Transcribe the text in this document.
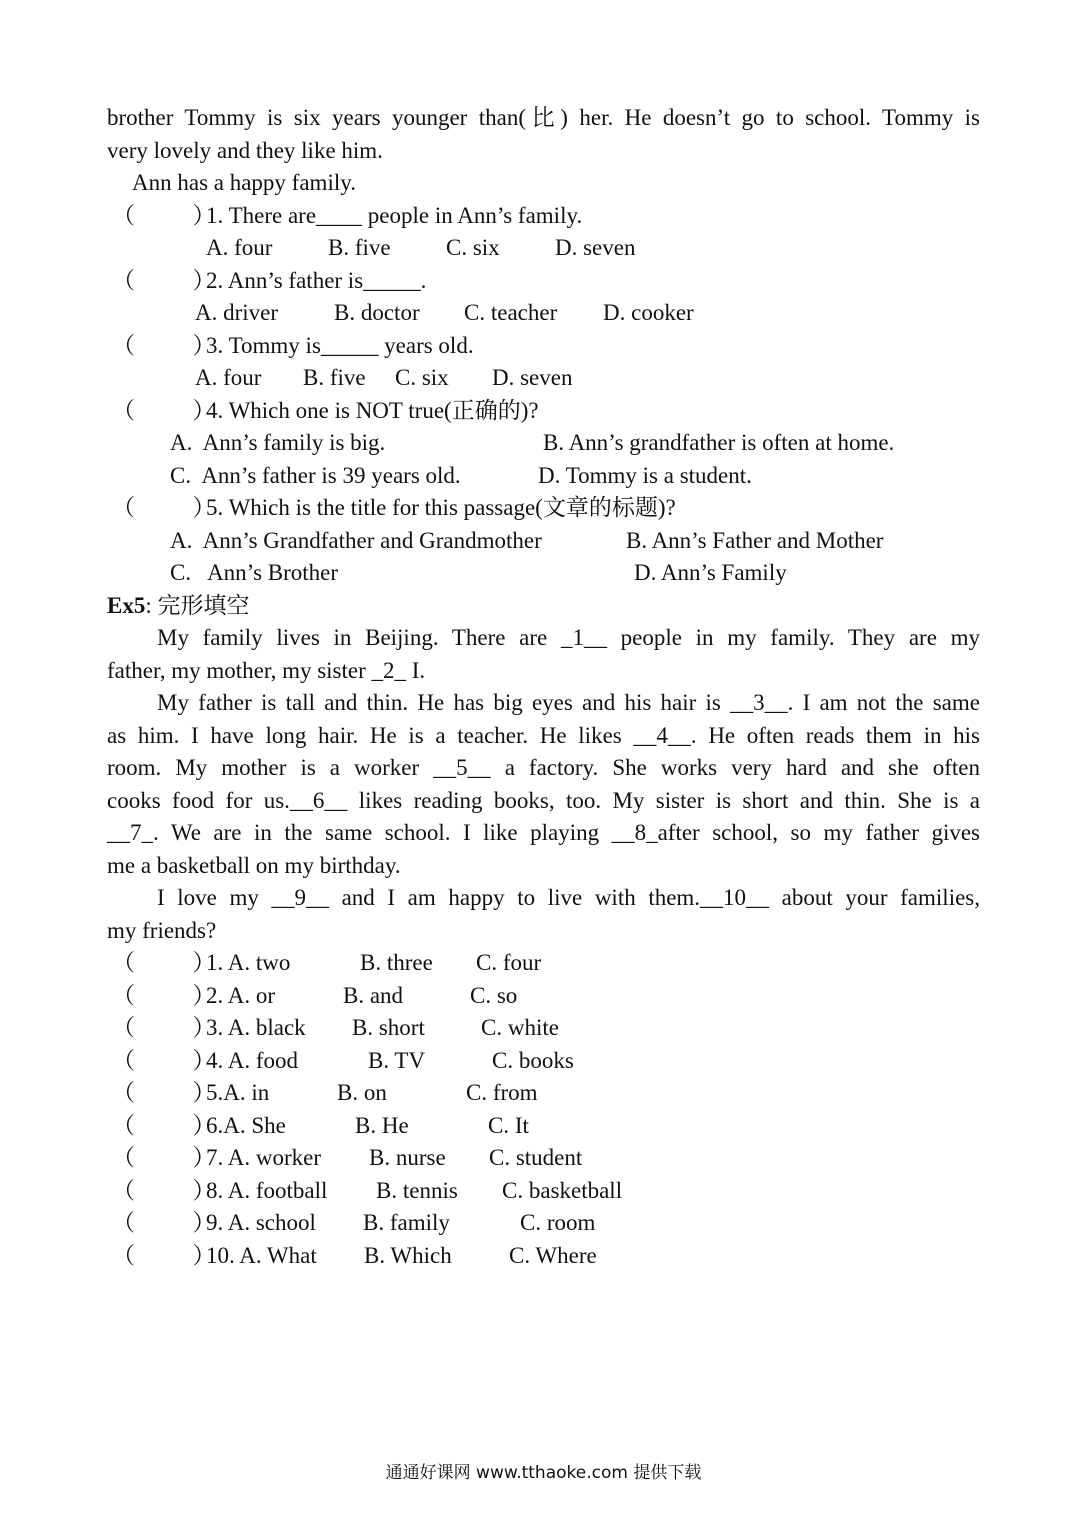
brother Tommy is six years younger than(比) her. He doesn’t go to school. Tommy is
very lovely and they like him.
Ann has a happy family.
（          ）
1. There are____ people in Ann’s family.
A. four B. five C. six D. seven
（          ）
2. Ann’s father is_____.
A. driver B. doctor C. teacher D. cooker
（          ）
3. Tommy is_____ years old.
A. four B. five C. six D. seven
（          ）
4. Which one is NOT true(正确的)?
A.  Ann’s family is big.	B. Ann’s grandfather is often at home.
C.  Ann’s father is 39 years old.	D. Tommy is a student.
（          ）
5. Which is the title for this passage(文章的标题)?
A.  Ann’s Grandfather and Grandmother	B. Ann’s Father and Mother
C.   Ann’s Brother	D. Ann’s Family
Ex5: 完形填空
My family lives in Beijing. There are _1__ people in my family. They are my
father, my mother, my sister _2_ I.
My father is tall and thin. He has big eyes and his hair is __3__. I am not the same
as him. I have long hair. He is a teacher. He likes __4__. He often reads them in his
room. My mother is a worker __5__ a factory. She works very hard and she often
cooks food for us.__6__ likes reading books, too. My sister is short and thin. She is a
__7_. We are in the same school. I like playing __8_after school, so my father gives
me a basketball on my birthday.
I love my __9__ and I am happy to live with them.__10__ about your families,
my friends?
（          ）
1. A. two	B. three C. four
（          ）
2. A. or	B. and	C. so
（          ）
3. A. black B. short C. white
（          ）
4. A. food	B. TV	C. books
（          ）
5.A. in	B. on	C. from
（          ）
6.A. She	B. He	C. It
（          ）
7. A. worker B. nurse C. student
（          ）
8. A. football B. tennis C. basketball
（          ）
9. A. school B. family	C. room
（          ）
10. A. What B. Which C. Where
通通好课网 www.tthaoke.com 提供下载
